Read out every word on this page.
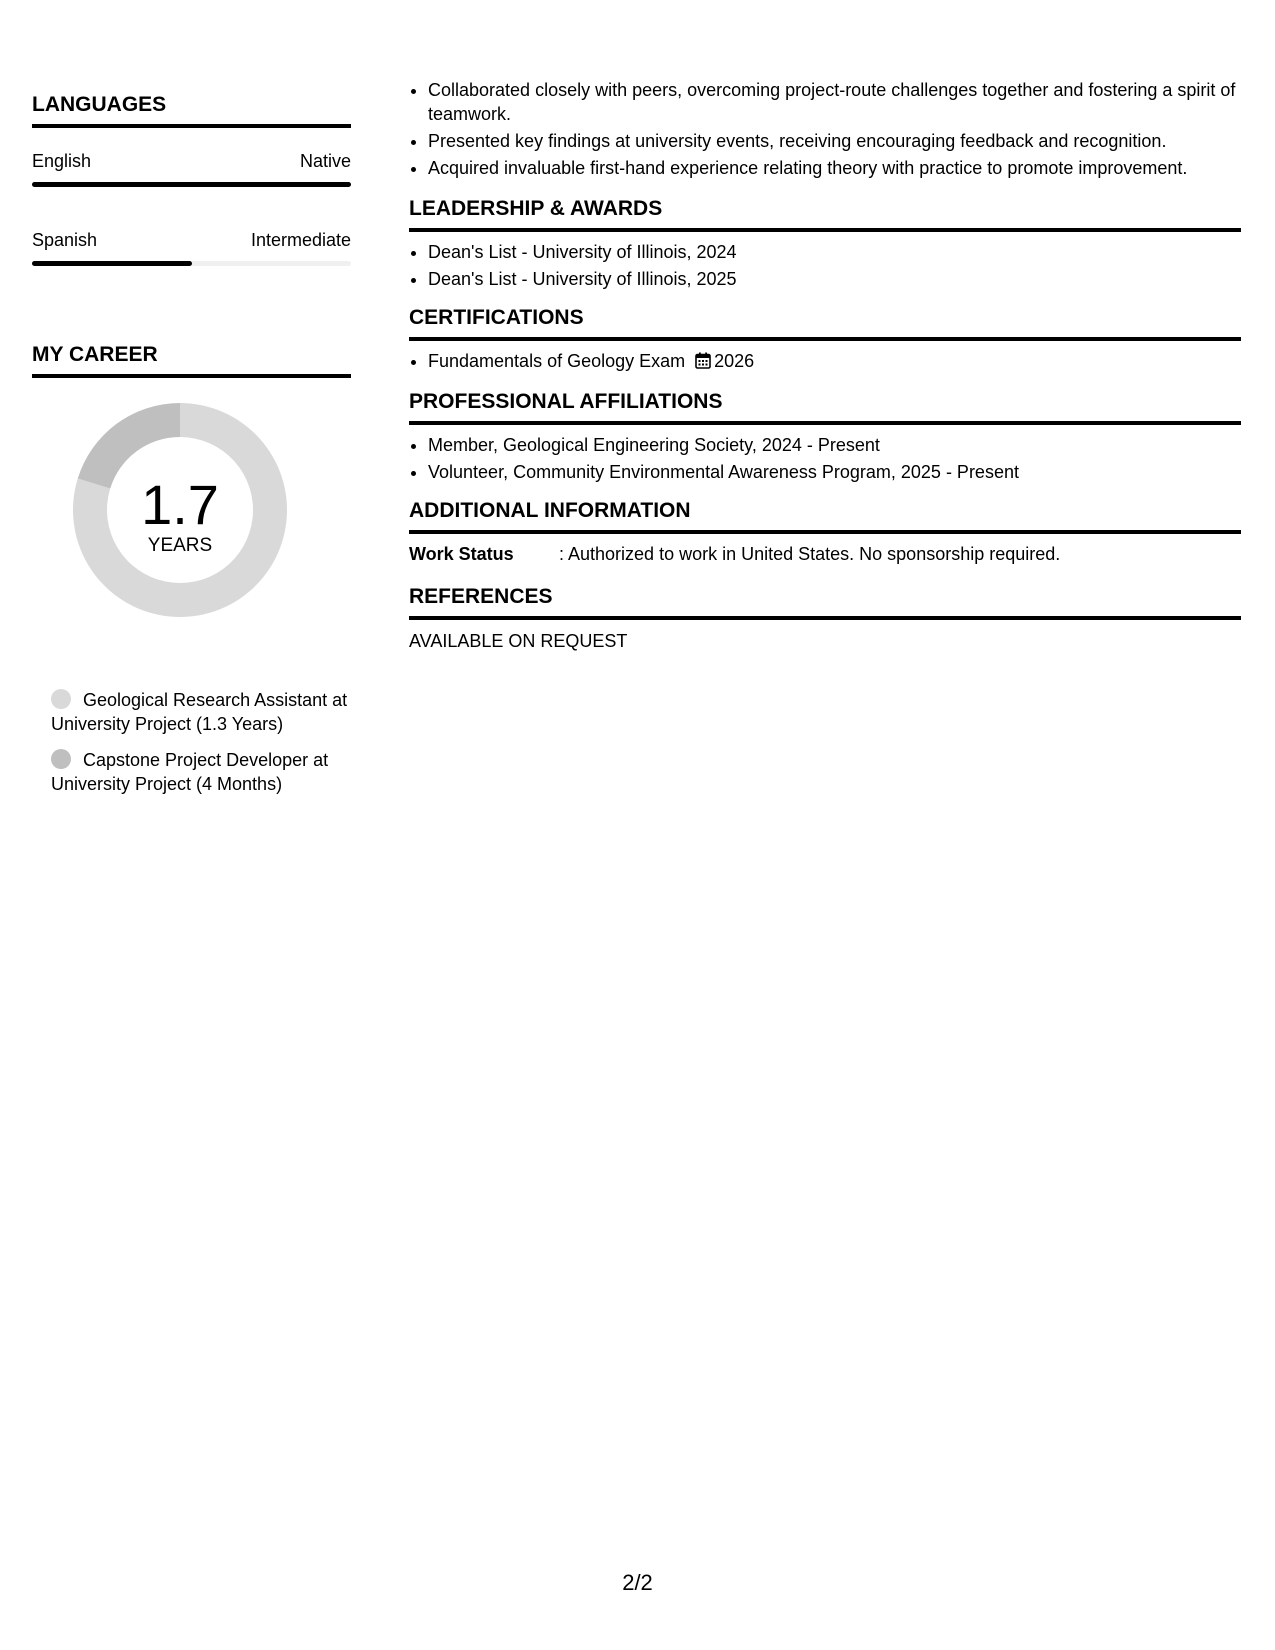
LANGUAGES
English	Native
Spanish	Intermediate
MY CAREER
1.7
YEARS
Geological Research Assistant at University Project (1.3 Years)
Capstone Project Developer at University Project (4 Months)
• Collaborated closely with peers, overcoming project-route challenges together and fostering a spirit of teamwork.
• Presented key findings at university events, receiving encouraging feedback and recognition.
• Acquired invaluable first-hand experience relating theory with practice to promote improvement.
LEADERSHIP & AWARDS
• Dean's List - University of Illinois, 2024
• Dean's List - University of Illinois, 2025
CERTIFICATIONS
• Fundamentals of Geology Exam 2026
PROFESSIONAL AFFILIATIONS
• Member, Geological Engineering Society, 2024 - Present
• Volunteer, Community Environmental Awareness Program, 2025 - Present
ADDITIONAL INFORMATION
Work Status	: Authorized to work in United States. No sponsorship required.
REFERENCES
AVAILABLE ON REQUEST
2/2
